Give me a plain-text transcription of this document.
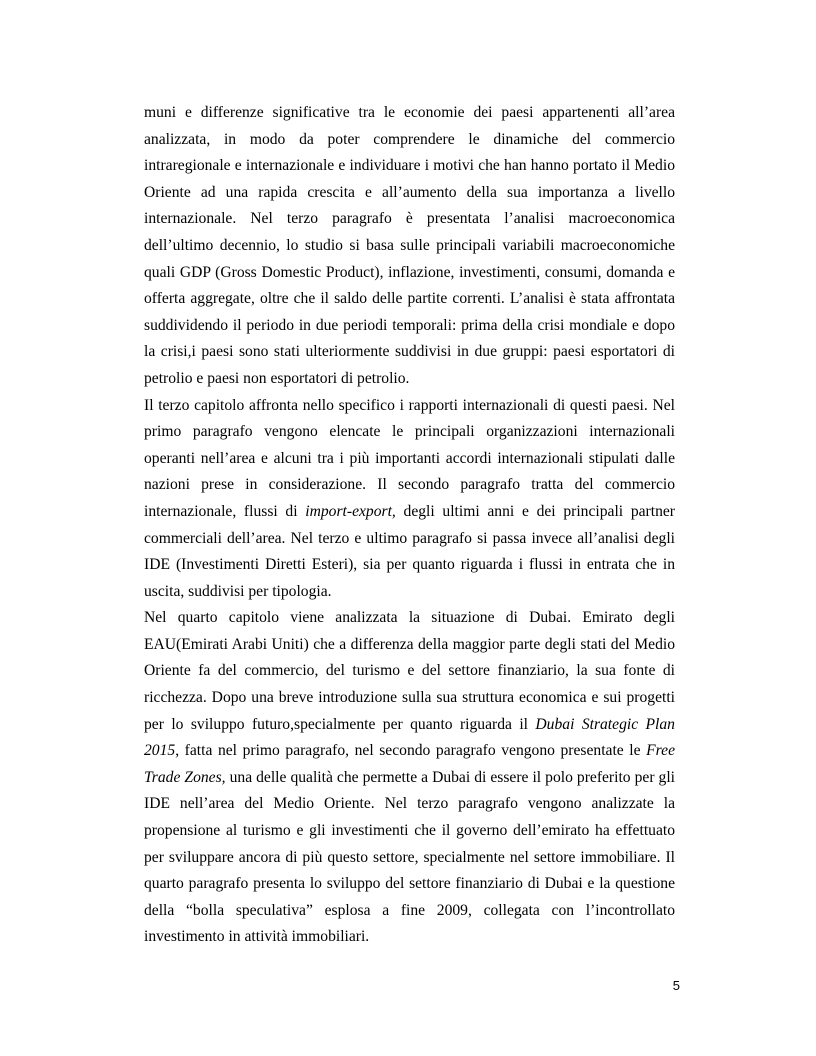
muni e differenze significative tra le economie dei paesi appartenenti all’area analizzata, in modo da poter comprendere le dinamiche del commercio intraregionale e internazionale e individuare i motivi che han hanno portato il Medio Oriente ad una rapida crescita e all’aumento della sua importanza a livello internazionale. Nel terzo paragrafo è presentata l’analisi macroeconomica dell’ultimo decennio, lo studio si basa sulle principali variabili macroeconomiche quali GDP (Gross Domestic Product), inflazione, investimenti, consumi, domanda e offerta aggregate, oltre che il saldo delle partite correnti. L’analisi è stata affrontata suddividendo il periodo in due periodi temporali: prima della crisi mondiale e dopo la crisi,i paesi sono stati ulteriormente suddivisi in due gruppi: paesi esportatori di petrolio e paesi non esportatori di petrolio.

Il terzo capitolo affronta nello specifico i rapporti internazionali di questi paesi. Nel primo paragrafo vengono elencate le principali organizzazioni internazionali operanti nell’area e alcuni tra i più importanti accordi internazionali stipulati dalle nazioni prese in considerazione. Il secondo paragrafo tratta del commercio internazionale, flussi di import-export, degli ultimi anni e dei principali partner commerciali dell’area. Nel terzo e ultimo paragrafo si passa invece all’analisi degli IDE (Investimenti Diretti Esteri), sia per quanto riguarda i flussi in entrata che in uscita, suddivisi per tipologia.

Nel quarto capitolo viene analizzata la situazione di Dubai. Emirato degli EAU(Emirati Arabi Uniti) che a differenza della maggior parte degli stati del Medio Oriente fa del commercio, del turismo e del settore finanziario, la sua fonte di ricchezza. Dopo una breve introduzione sulla sua struttura economica e sui progetti per lo sviluppo futuro,specialmente per quanto riguarda il Dubai Strategic Plan 2015, fatta nel primo paragrafo, nel secondo paragrafo vengono presentate le Free Trade Zones, una delle qualità che permette a Dubai di essere il polo preferito per gli IDE nell’area del Medio Oriente. Nel terzo paragrafo vengono analizzate la propensione al turismo e gli investimenti che il governo dell’emirato ha effettuato per sviluppare ancora di più questo settore, specialmente nel settore immobiliare. Il quarto paragrafo presenta lo sviluppo del settore finanziario di Dubai e la questione della “bolla speculativa” esplosa a fine 2009, collegata con l’incontrollato investimento in attività immobiliari.

5
